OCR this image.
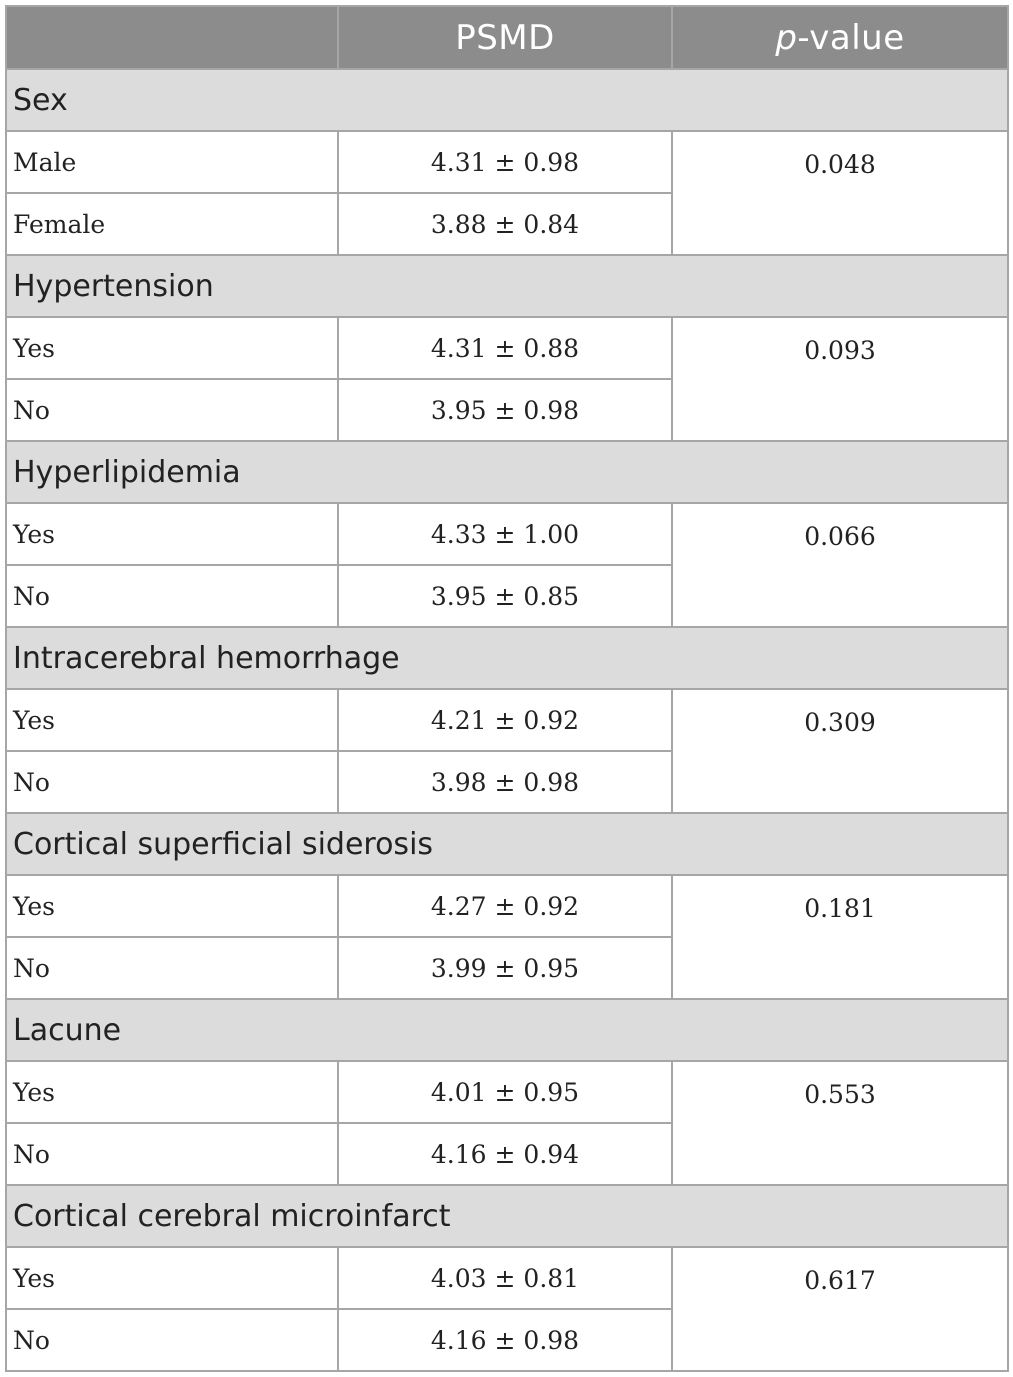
	PSMD	p-value
Sex		
Male	4.31 ± 0.98	0.048
Female	3.88 ± 0.84	
Hypertension		
Yes	4.31 ± 0.88	0.093
No	3.95 ± 0.98	
Hyperlipidemia		
Yes	4.33 ± 1.00	0.066
No	3.95 ± 0.85	
Intracerebral hemorrhage		
Yes	4.21 ± 0.92	0.309
No	3.98 ± 0.98	
Cortical superficial siderosis		
Yes	4.27 ± 0.92	0.181
No	3.99 ± 0.95	
Lacune		
Yes	4.01 ± 0.95	0.553
No	4.16 ± 0.94	
Cortical cerebral microinfarct		
Yes	4.03 ± 0.81	0.617
No	4.16 ± 0.98	
